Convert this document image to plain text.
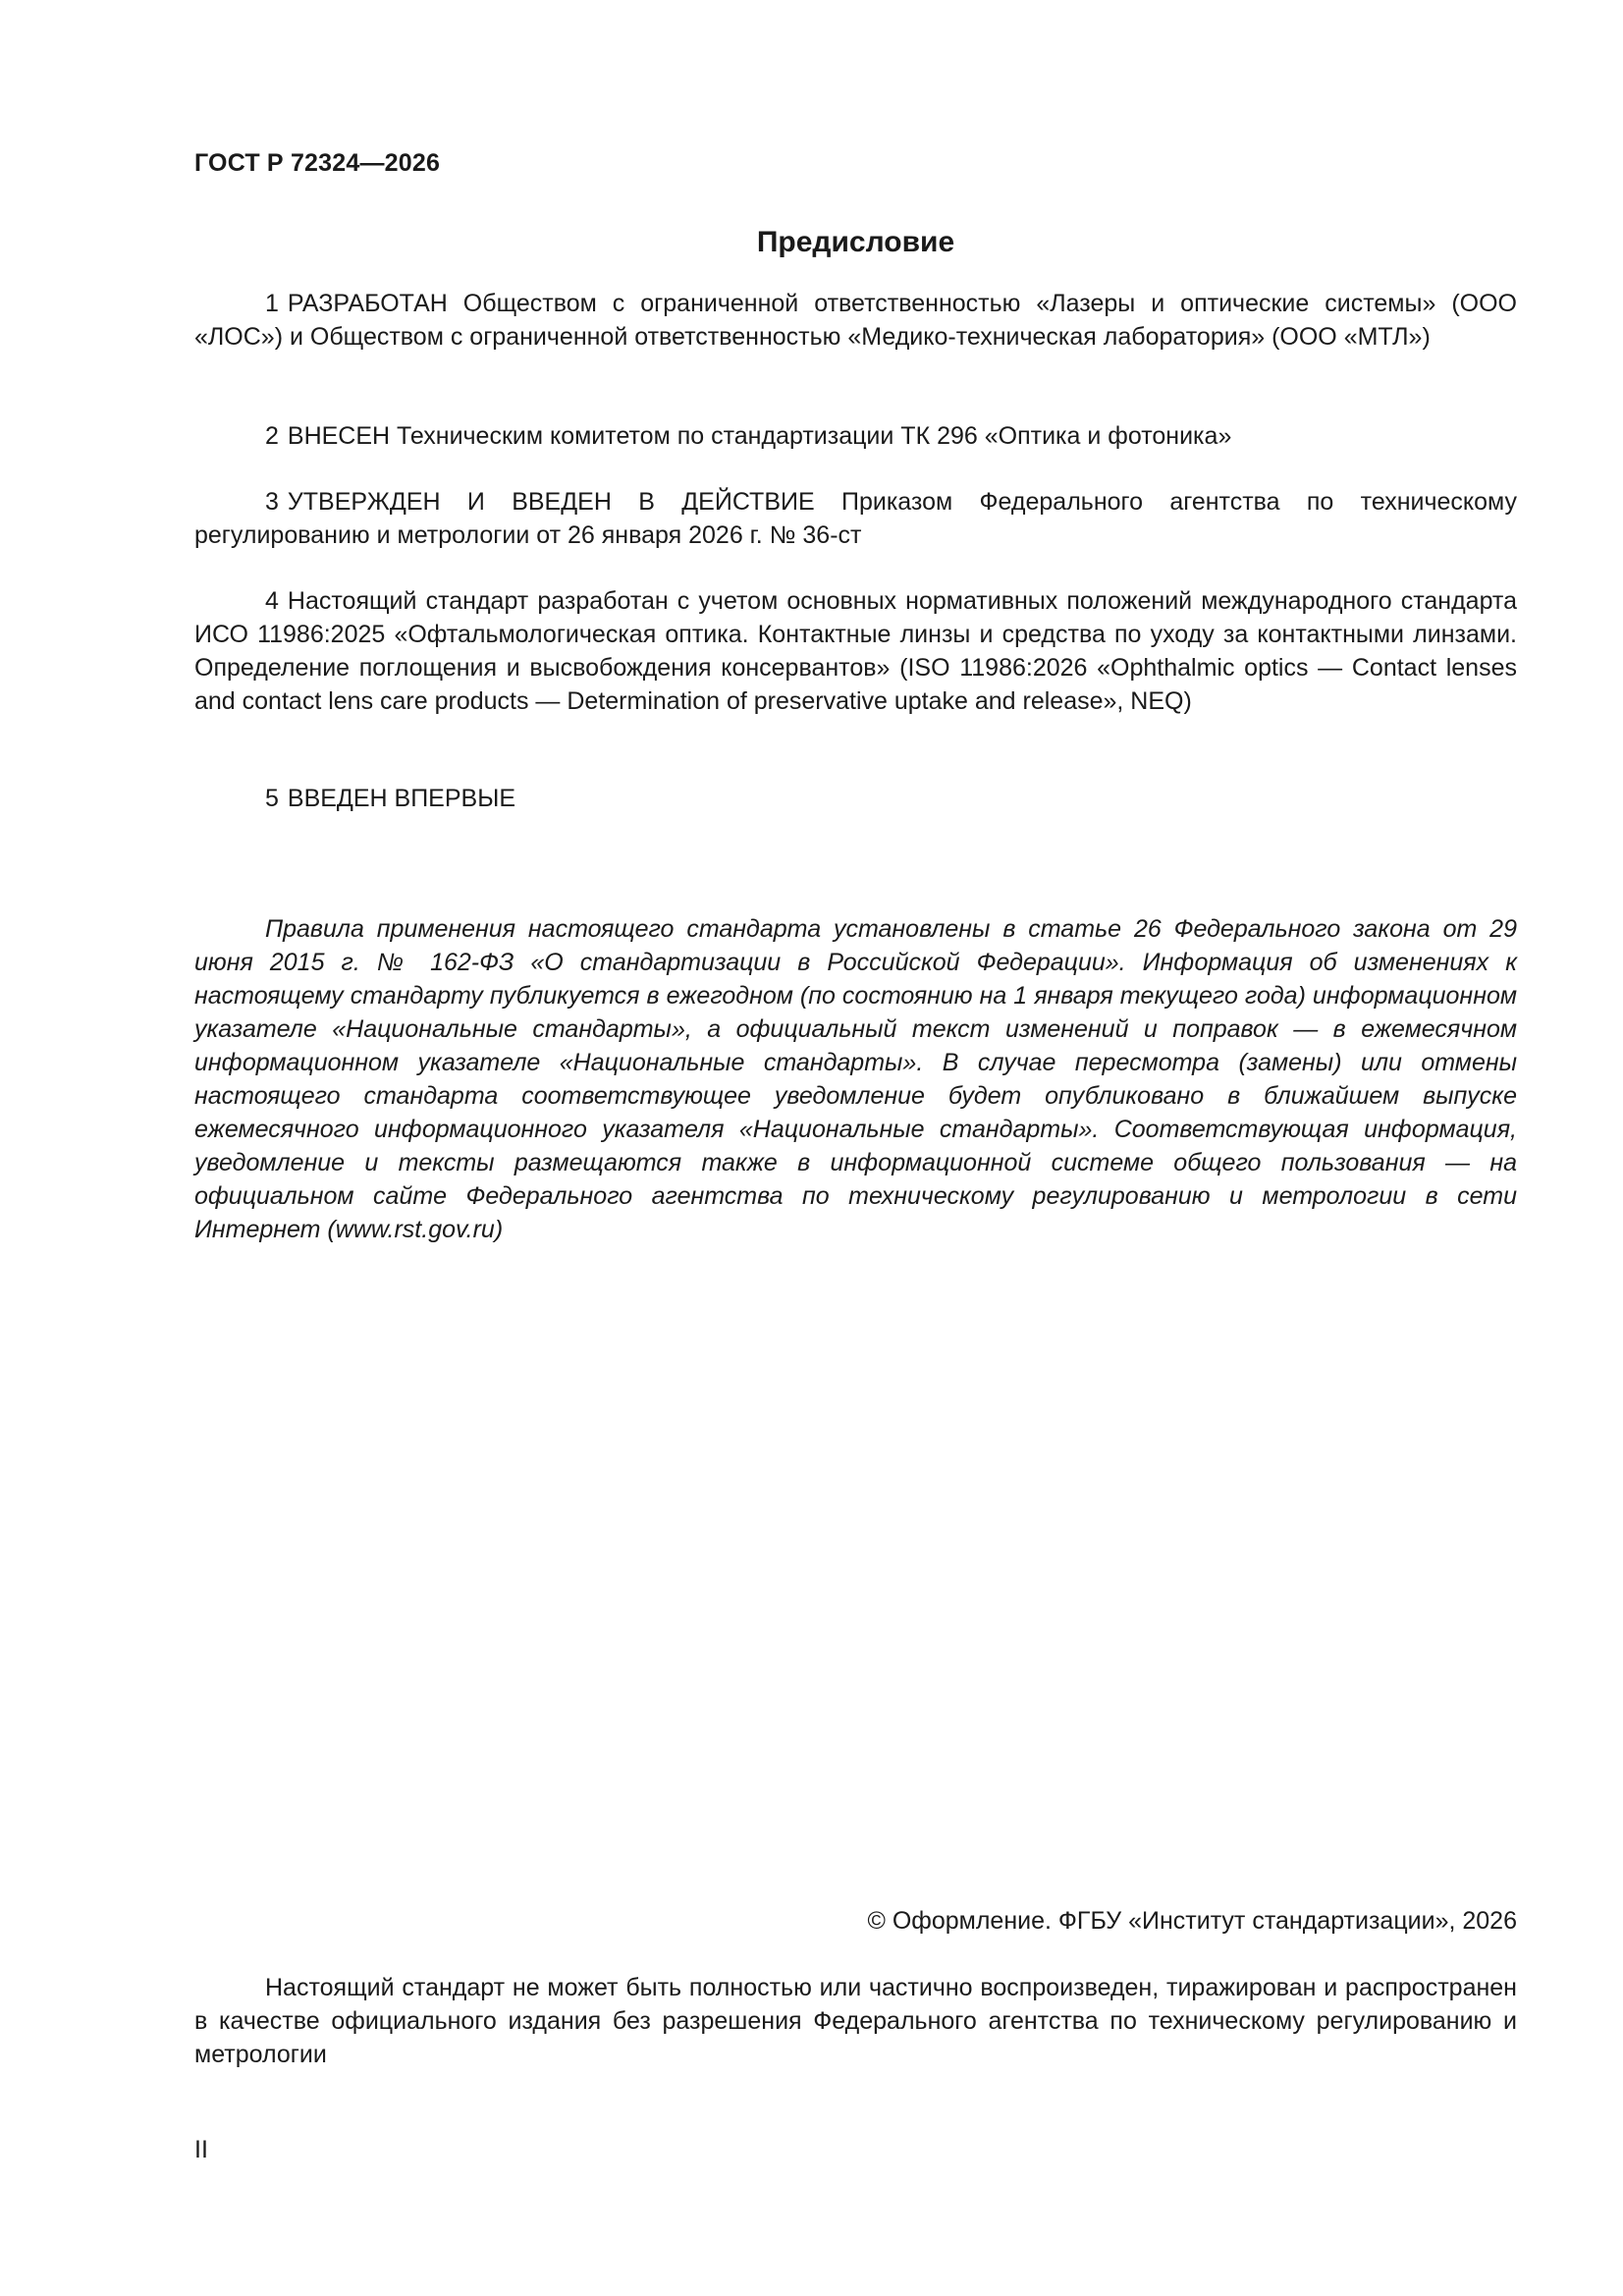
ГОСТ Р 72324—2026
Предисловие

1 РАЗРАБОТАН Обществом с ограниченной ответственностью «Лазеры и оптические системы» (ООО «ЛОС») и Обществом с ограниченной ответственностью «Медико-техническая лаборатория» (ООО «МТЛ»)

2 ВНЕСЕН Техническим комитетом по стандартизации ТК 296 «Оптика и фотоника»

3 УТВЕРЖДЕН И ВВЕДЕН В ДЕЙСТВИЕ Приказом Федерального агентства по техническому регулированию и метрологии от 26 января 2026 г. № 36-ст

4 Настоящий стандарт разработан с учетом основных нормативных положений международного стандарта ИСО 11986:2025 «Офтальмологическая оптика. Контактные линзы и средства по уходу за контактными линзами. Определение поглощения и высвобождения консервантов» (ISO 11986:2026 «Ophthalmic optics — Contact lenses and contact lens care products — Determination of preservative uptake and release», NEQ)

5 ВВЕДЕН ВПЕРВЫЕ

Правила применения настоящего стандарта установлены в статье 26 Федерального закона от 29 июня 2015 г. № 162-ФЗ «О стандартизации в Российской Федерации». Информация об изменениях к настоящему стандарту публикуется в ежегодном (по состоянию на 1 января текущего года) информационном указателе «Национальные стандарты», а официальный текст изменений и поправок — в ежемесячном информационном указателе «Национальные стандарты». В случае пересмотра (замены) или отмены настоящего стандарта соответствующее уведомление будет опубликовано в ближайшем выпуске ежемесячного информационного указателя «Национальные стандарты». Соответствующая информация, уведомление и тексты размещаются также в информационной системе общего пользования — на официальном сайте Федерального агентства по техническому регулированию и метрологии в сети Интернет (www.rst.gov.ru)

© Оформление. ФГБУ «Институт стандартизации», 2026

Настоящий стандарт не может быть полностью или частично воспроизведен, тиражирован и распространен в качестве официального издания без разрешения Федерального агентства по техническому регулированию и метрологии

II
